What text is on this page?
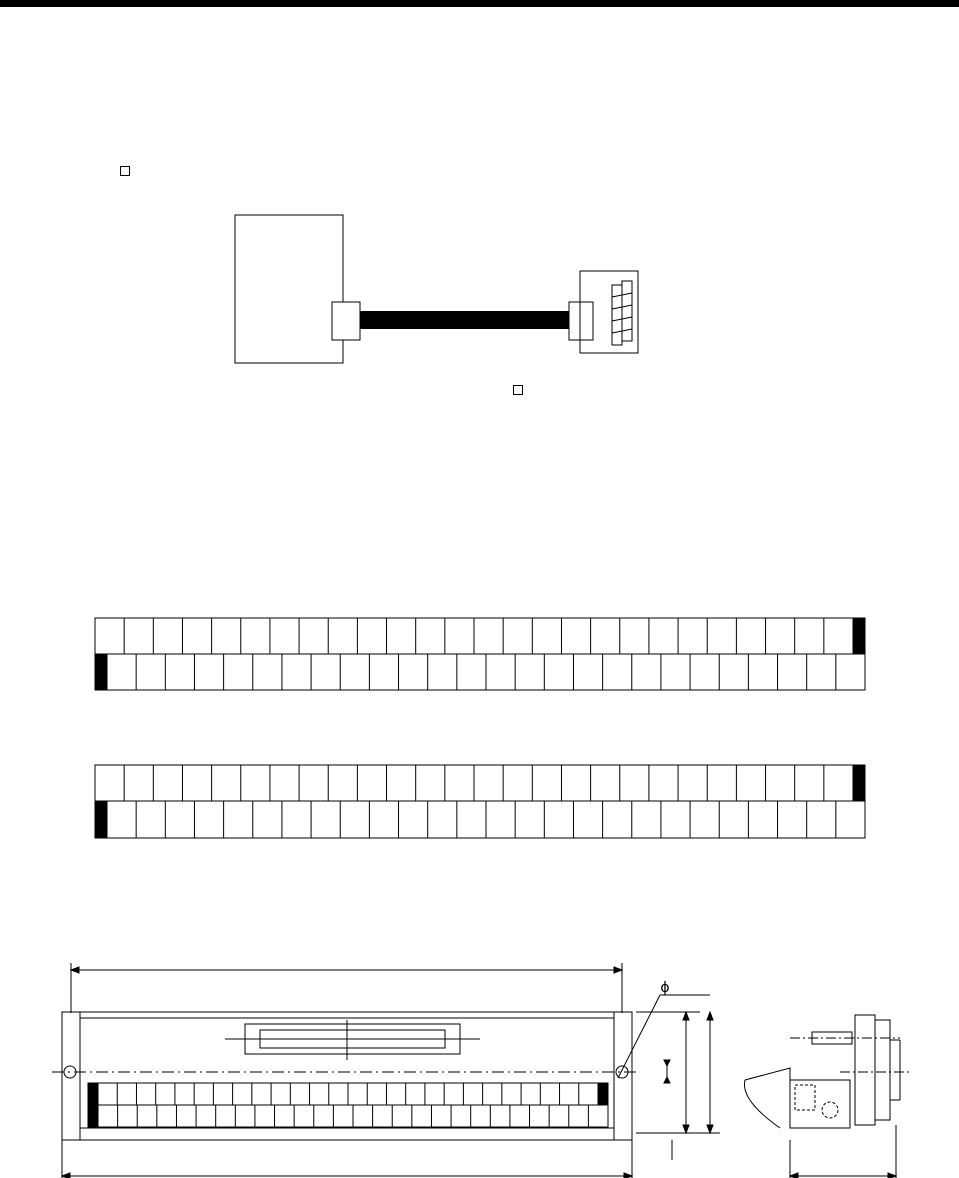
ϕ
